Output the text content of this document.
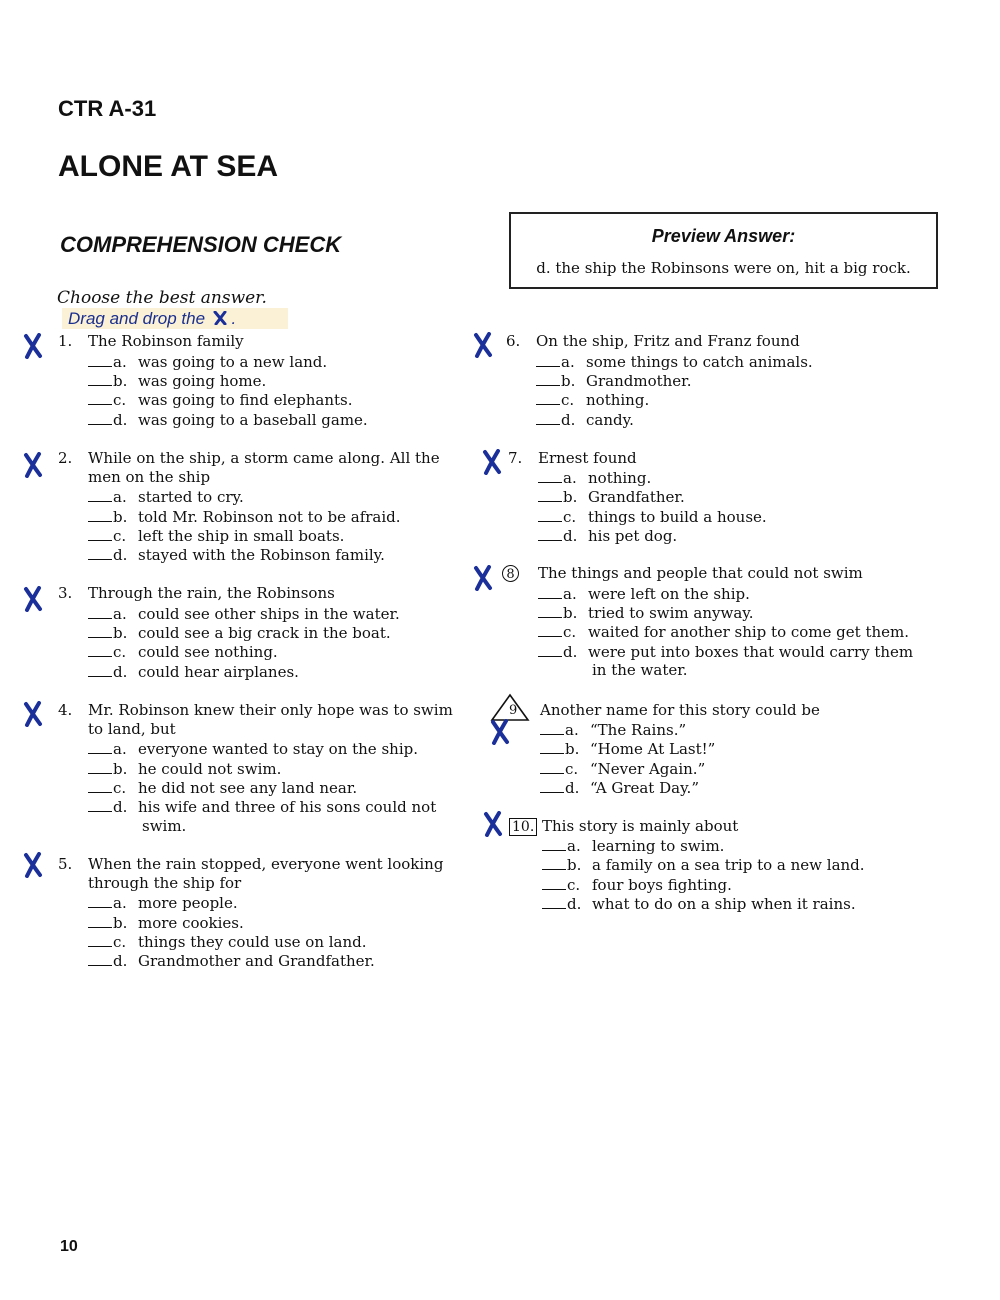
CTR A-31
ALONE AT SEA
COMPREHENSION CHECK	Preview Answer:
d. the ship the Robinsons were on, hit a big rock.
Choose the best answer.
Drag and drop the .
1. The Robinson family
a. was going to a new land.
b. was going home.
c. was going to find elephants.
d. was going to a baseball game.
2. While on the ship, a storm came along. All the
men on the ship
a. started to cry.
b. told Mr. Robinson not to be afraid.
c. left the ship in small boats.
d. stayed with the Robinson family.
3. Through the rain, the Robinsons
a. could see other ships in the water.
b. could see a big crack in the boat.
c. could see nothing.
d. could hear airplanes.
4. Mr. Robinson knew their only hope was to swim
to land, but
a. everyone wanted to stay on the ship.
b. he could not swim.
c. he did not see any land near.
d. his wife and three of his sons could not
swim.
5. When the rain stopped, everyone went looking
through the ship for
a. more people.
b. more cookies.
c. things they could use on land.
d. Grandmother and Grandfather.
6. On the ship, Fritz and Franz found
a. some things to catch animals.
b. Grandmother.
c. nothing.
d. candy.
7. Ernest found
a. nothing.
b. Grandfather.
c. things to build a house.
d. his pet dog.
8 The things and people that could not swim
a. were left on the ship.
b. tried to swim anyway.
c. waited for another ship to come get them.
d. were put into boxes that would carry them
in the water.
9 Another name for this story could be
a. “The Rains.”
b. “Home At Last!”
c. “Never Again.”
d. “A Great Day.”
10. This story is mainly about
a. learning to swim.
b. a family on a sea trip to a new land.
c. four boys fighting.
d. what to do on a ship when it rains.
10
